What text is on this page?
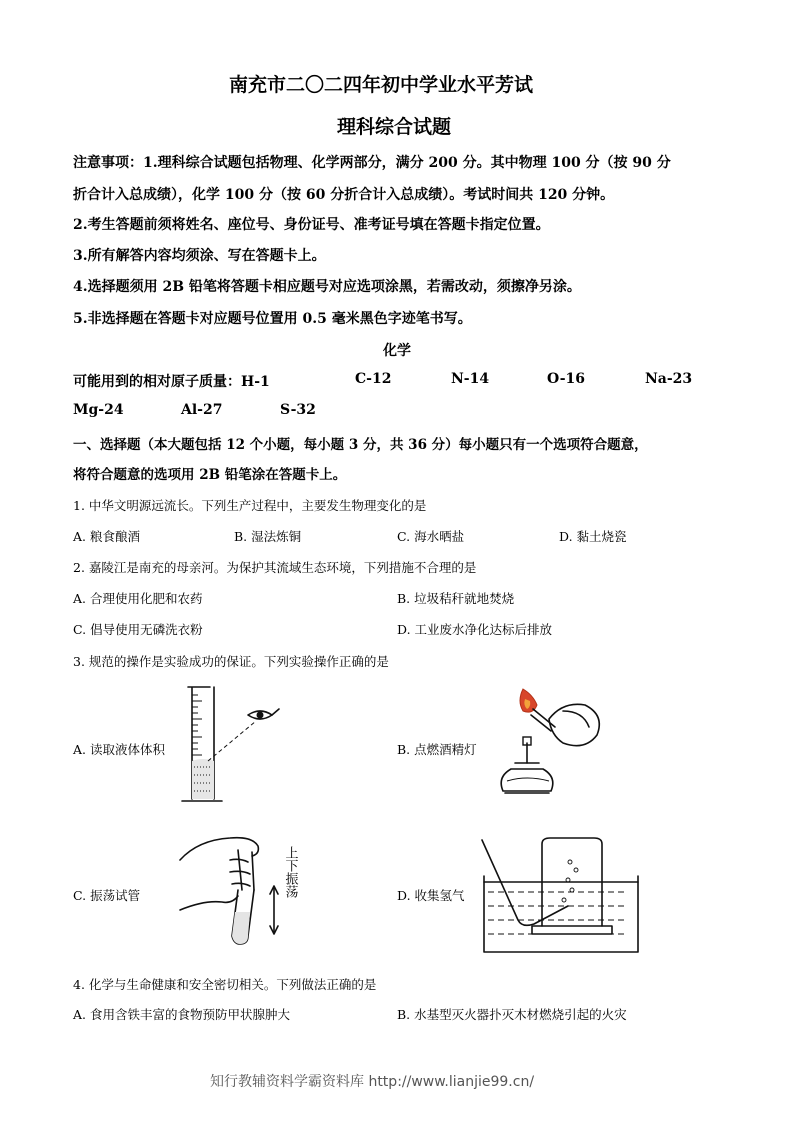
南充市二〇二四年初中学业水平芳试
理科综合试题
注意事项：1.理科综合试题包括物理、化学两部分，满分 200 分。其中物理 100 分（按 90 分
折合计入总成绩），化学 100 分（按 60 分折合计入总成绩）。考试时间共 120 分钟。
2.考生答题前须将姓名、座位号、身份证号、准考证号填在答题卡指定位置。
3.所有解答内容均须涂、写在答题卡上。
4.选择题须用 2B 铅笔将答题卡相应题号对应选项涂黑，若需改动，须擦净另涂。
5.非选择题在答题卡对应题号位置用 0.5 毫米黑色字迹笔书写。
化学
可能用到的相对原子质量：H-1	C-12	N-14	O-16	Na-23
Mg-24	Al-27	S-32
一、选择题（本大题包括 12 个小题，每小题 3 分，共 36 分）每小题只有一个选项符合题意，
将符合题意的选项用 2B 铅笔涂在答题卡上。
1. 中华文明源远流长。下列生产过程中，主要发生物理变化的是
A. 粮食酿酒	B. 湿法炼铜	C. 海水晒盐	D. 黏土烧瓷
2. 嘉陵江是南充的母亲河。为保护其流域生态环境，下列措施不合理的是
A. 合理使用化肥和农药	B. 垃圾秸秆就地焚烧
C. 倡导使用无磷洗衣粉	D. 工业废水净化达标后排放
3. 规范的操作是实验成功的保证。下列实验操作正确的是
A. 读取液体体积	B. 点燃酒精灯
C. 振荡试管	D. 收集氢气
上下振荡
4. 化学与生命健康和安全密切相关。下列做法正确的是
A. 食用含铁丰富的食物预防甲状腺肿大	B. 水基型灭火器扑灭木材燃烧引起的火灾
知行教辅资料学霸资料库 http://www.lianjie99.cn/
